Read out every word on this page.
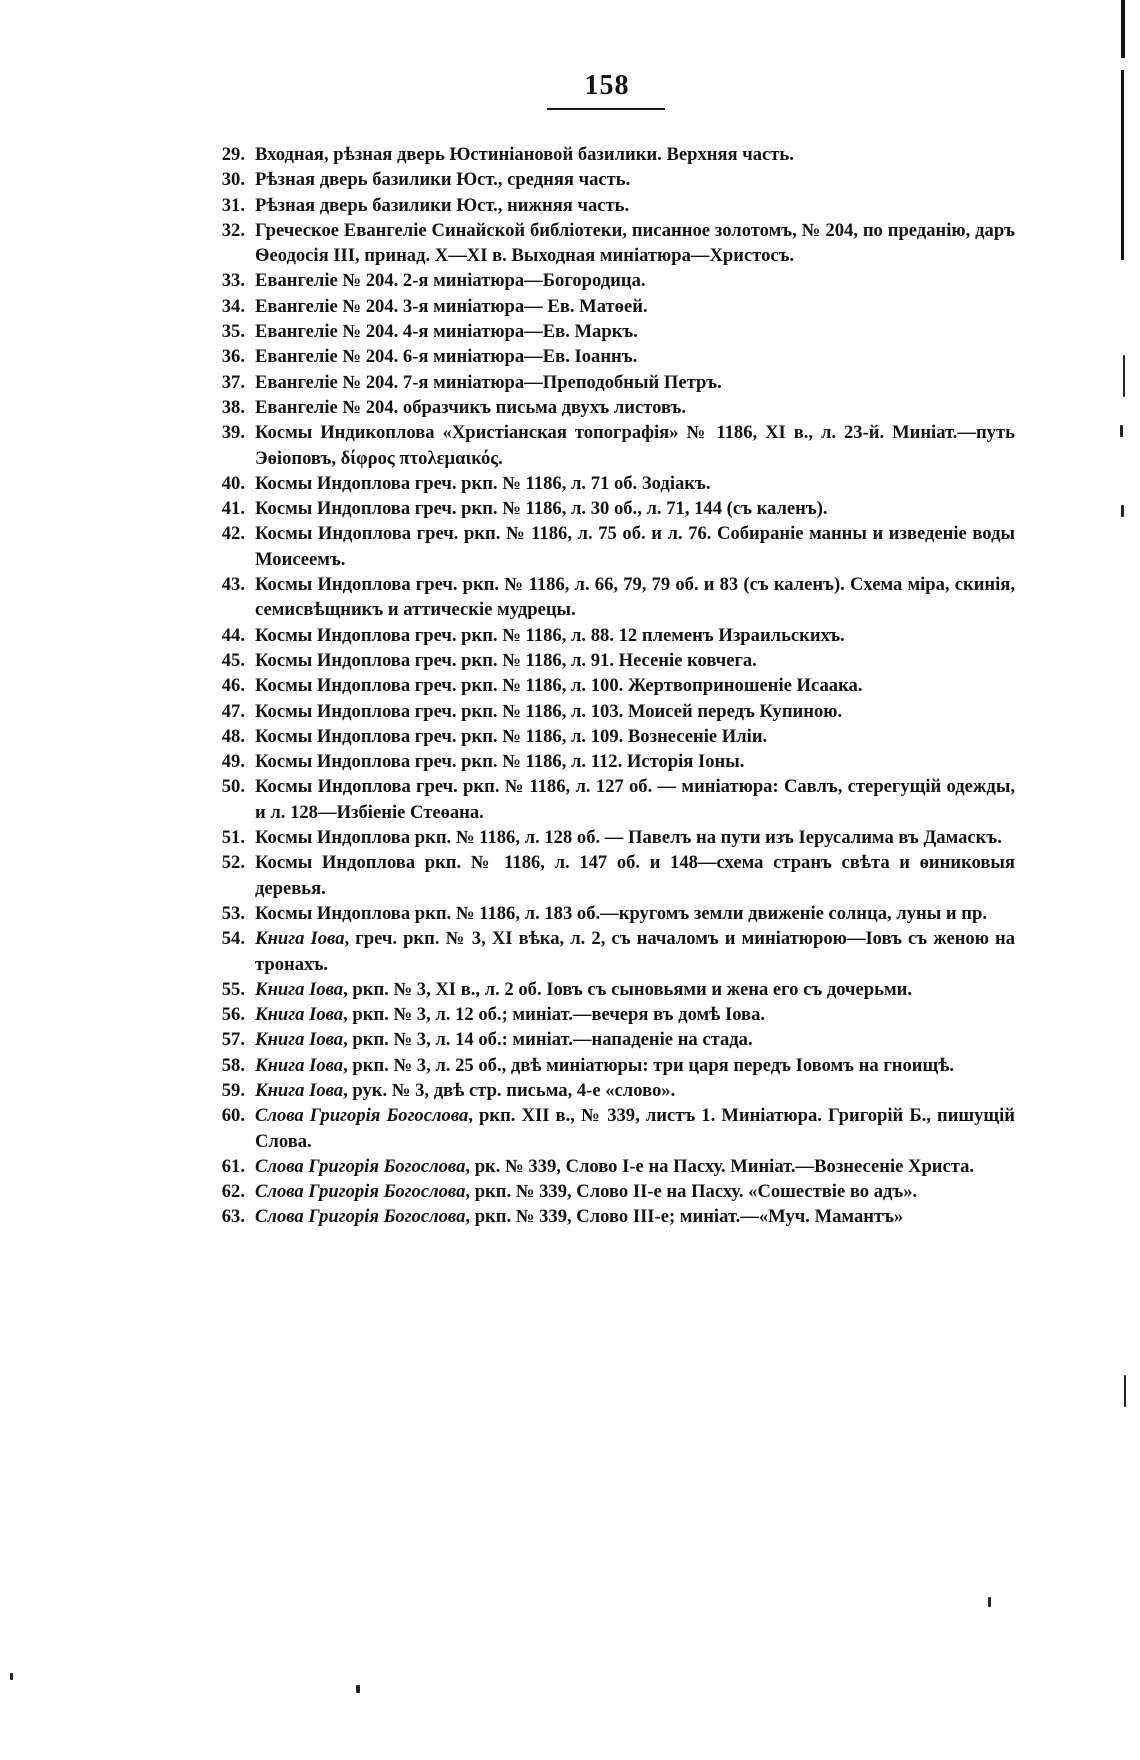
158
29. Входная, рѣзная дверь Юстиніановой базилики. Верхняя часть.
30. Рѣзная дверь базилики Юст., средняя часть.
31. Рѣзная дверь базилики Юст., нижняя часть.
32. Греческое Евангеліе Синайской библіотеки, писанное золотомъ, № 204, по преданію, даръ Ѳеодосія III, принад. X—XI в. Выходная миніатюра—Христосъ.
33. Евангеліе № 204. 2-я миніатюра—Богородица.
34. Евангеліе № 204. 3-я миніатюра— Ев. Матѳей.
35. Евангеліе № 204. 4-я миніатюра—Ев. Маркъ.
36. Евангеліе № 204. 6-я миніатюра—Ев. Іоаннъ.
37. Евангеліе № 204. 7-я миніатюра—Преподобный Петръ.
38. Евангеліе № 204. образчикъ письма двухъ листовъ.
39. Космы Индикоплова «Христіанская топографія» № 1186, XI в., л. 23-й. Миніат.—путь Эѳіоповъ, δίφρος πτολεμαικός.
40. Космы Индоплова греч. ркп. № 1186, л. 71 об. Зодіакъ.
41. Космы Индоплова греч. ркп. № 1186, л. 30 об., л. 71, 144 (съ каленъ).
42. Космы Индоплова греч. ркп. № 1186, л. 75 об. и л. 76. Собираніе манны и изведеніе воды Моисеемъ.
43. Космы Индоплова греч. ркп. № 1186, л. 66, 79, 79 об. и 83 (съ каленъ). Схема міра, скинія, семисвѣщникъ и аттическіе мудрецы.
44. Космы Индоплова греч. ркп. № 1186, л. 88. 12 племенъ Израильскихъ.
45. Космы Индоплова греч. ркп. № 1186, л. 91. Несеніе ковчега.
46. Космы Индоплова греч. ркп. № 1186, л. 100. Жертвоприношеніе Исаака.
47. Космы Индоплова греч. ркп. № 1186, л. 103. Моисей передъ Купиною.
48. Космы Индоплова греч. ркп. № 1186, л. 109. Вознесеніе Иліи.
49. Космы Индоплова греч. ркп. № 1186, л. 112. Исторія Іоны.
50. Космы Индоплова греч. ркп. № 1186, л. 127 об. — миніатюра: Савлъ, стерегущій одежды, и л. 128—Избіеніе Стеѳана.
51. Космы Индоплова ркп. № 1186, л. 128 об. — Павелъ на пути изъ Іерусалима въ Дамаскъ.
52. Космы Индоплова ркп. № 1186, л. 147 об. и 148—схема странъ свѣта и ѳиниковыя деревья.
53. Космы Индоплова ркп. № 1186, л. 183 об.—кругомъ земли движеніе солнца, луны и пр.
54. Книга Іова, греч. ркп. № 3, XI вѣка, л. 2, съ началомъ и миніатюрою—Іовъ съ женою на тронахъ.
55. Книга Іова, ркп. № 3, XI в., л. 2 об. Іовъ съ сыновьями и жена его съ дочерьми.
56. Книга Іова, ркп. № 3, л. 12 об.; миніат.—вечеря въ домѣ Іова.
57. Книга Іова, ркп. № 3, л. 14 об.: миніат.—нападеніе на стада.
58. Книга Іова, ркп. № 3, л. 25 об., двѣ миніатюры: три царя передъ Іовомъ на гноищѣ.
59. Книга Іова, рук. № 3, двѣ стр. письма, 4-е «слово».
60. Слова Григорія Богослова, ркп. XII в., № 339, листъ 1. Миніатюра. Григорій Б., пишущій Слова.
61. Слова Григорія Богослова, рк. № 339, Слово I-е на Пасху. Миніат.—Вознесеніе Христа.
62. Слова Григорія Богослова, ркп. № 339, Слово II-е на Пасху. «Сошествіе во адъ».
63. Слова Григорія Богослова, ркп. № 339, Слово III-е; миніат.—«Муч. Мамантъ»
